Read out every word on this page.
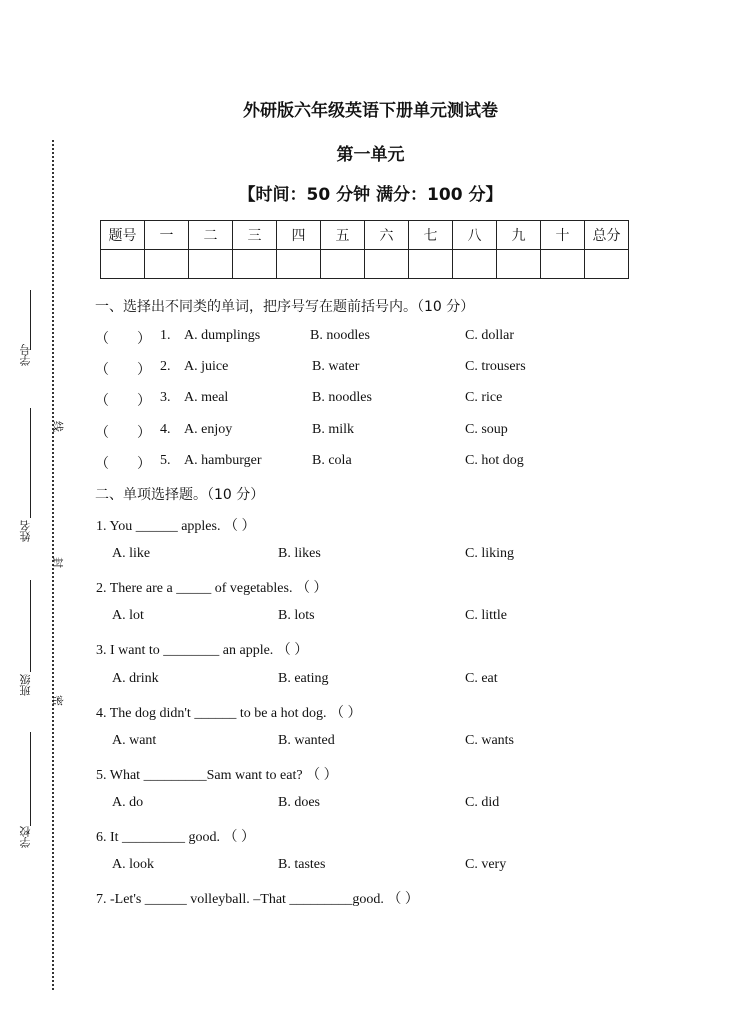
学号
姓名
班级
学校
线
封
密
外研版六年级英语下册单元测试卷
第一单元
【时间：50 分钟 满分：100 分】
题号	一	二	三	四	五	六	七	八	九	十	总分

一、选择出不同类的单词，把序号写在题前括号内。（10 分）
（　　） 1. A. dumplings	B. noodles	C. dollar
（　　） 2. A. juice	B. water	C. trousers
（　　） 3. A. meal	B. noodles	C. rice
（　　） 4. A. enjoy	B. milk	C. soup
（　　） 5. A. hamburger	B. cola	C. hot dog
二、单项选择题。（10 分）
1. You ______ apples. （ ）
A. like	B. likes	C. liking
2. There are a _____ of vegetables. （ ）
A. lot	B. lots	C. little
3. I want to ________ an apple. （ ）
A. drink	B. eating	C. eat
4. The dog didn't ______ to be a hot dog. （ ）
A. want	B. wanted	C. wants
5. What _________Sam want to eat? （ ）
A. do	B. does	C. did
6. It _________ good. （ ）
A. look	B. tastes	C. very
7. -Let's ______ volleyball. –That _________good. （ ）
